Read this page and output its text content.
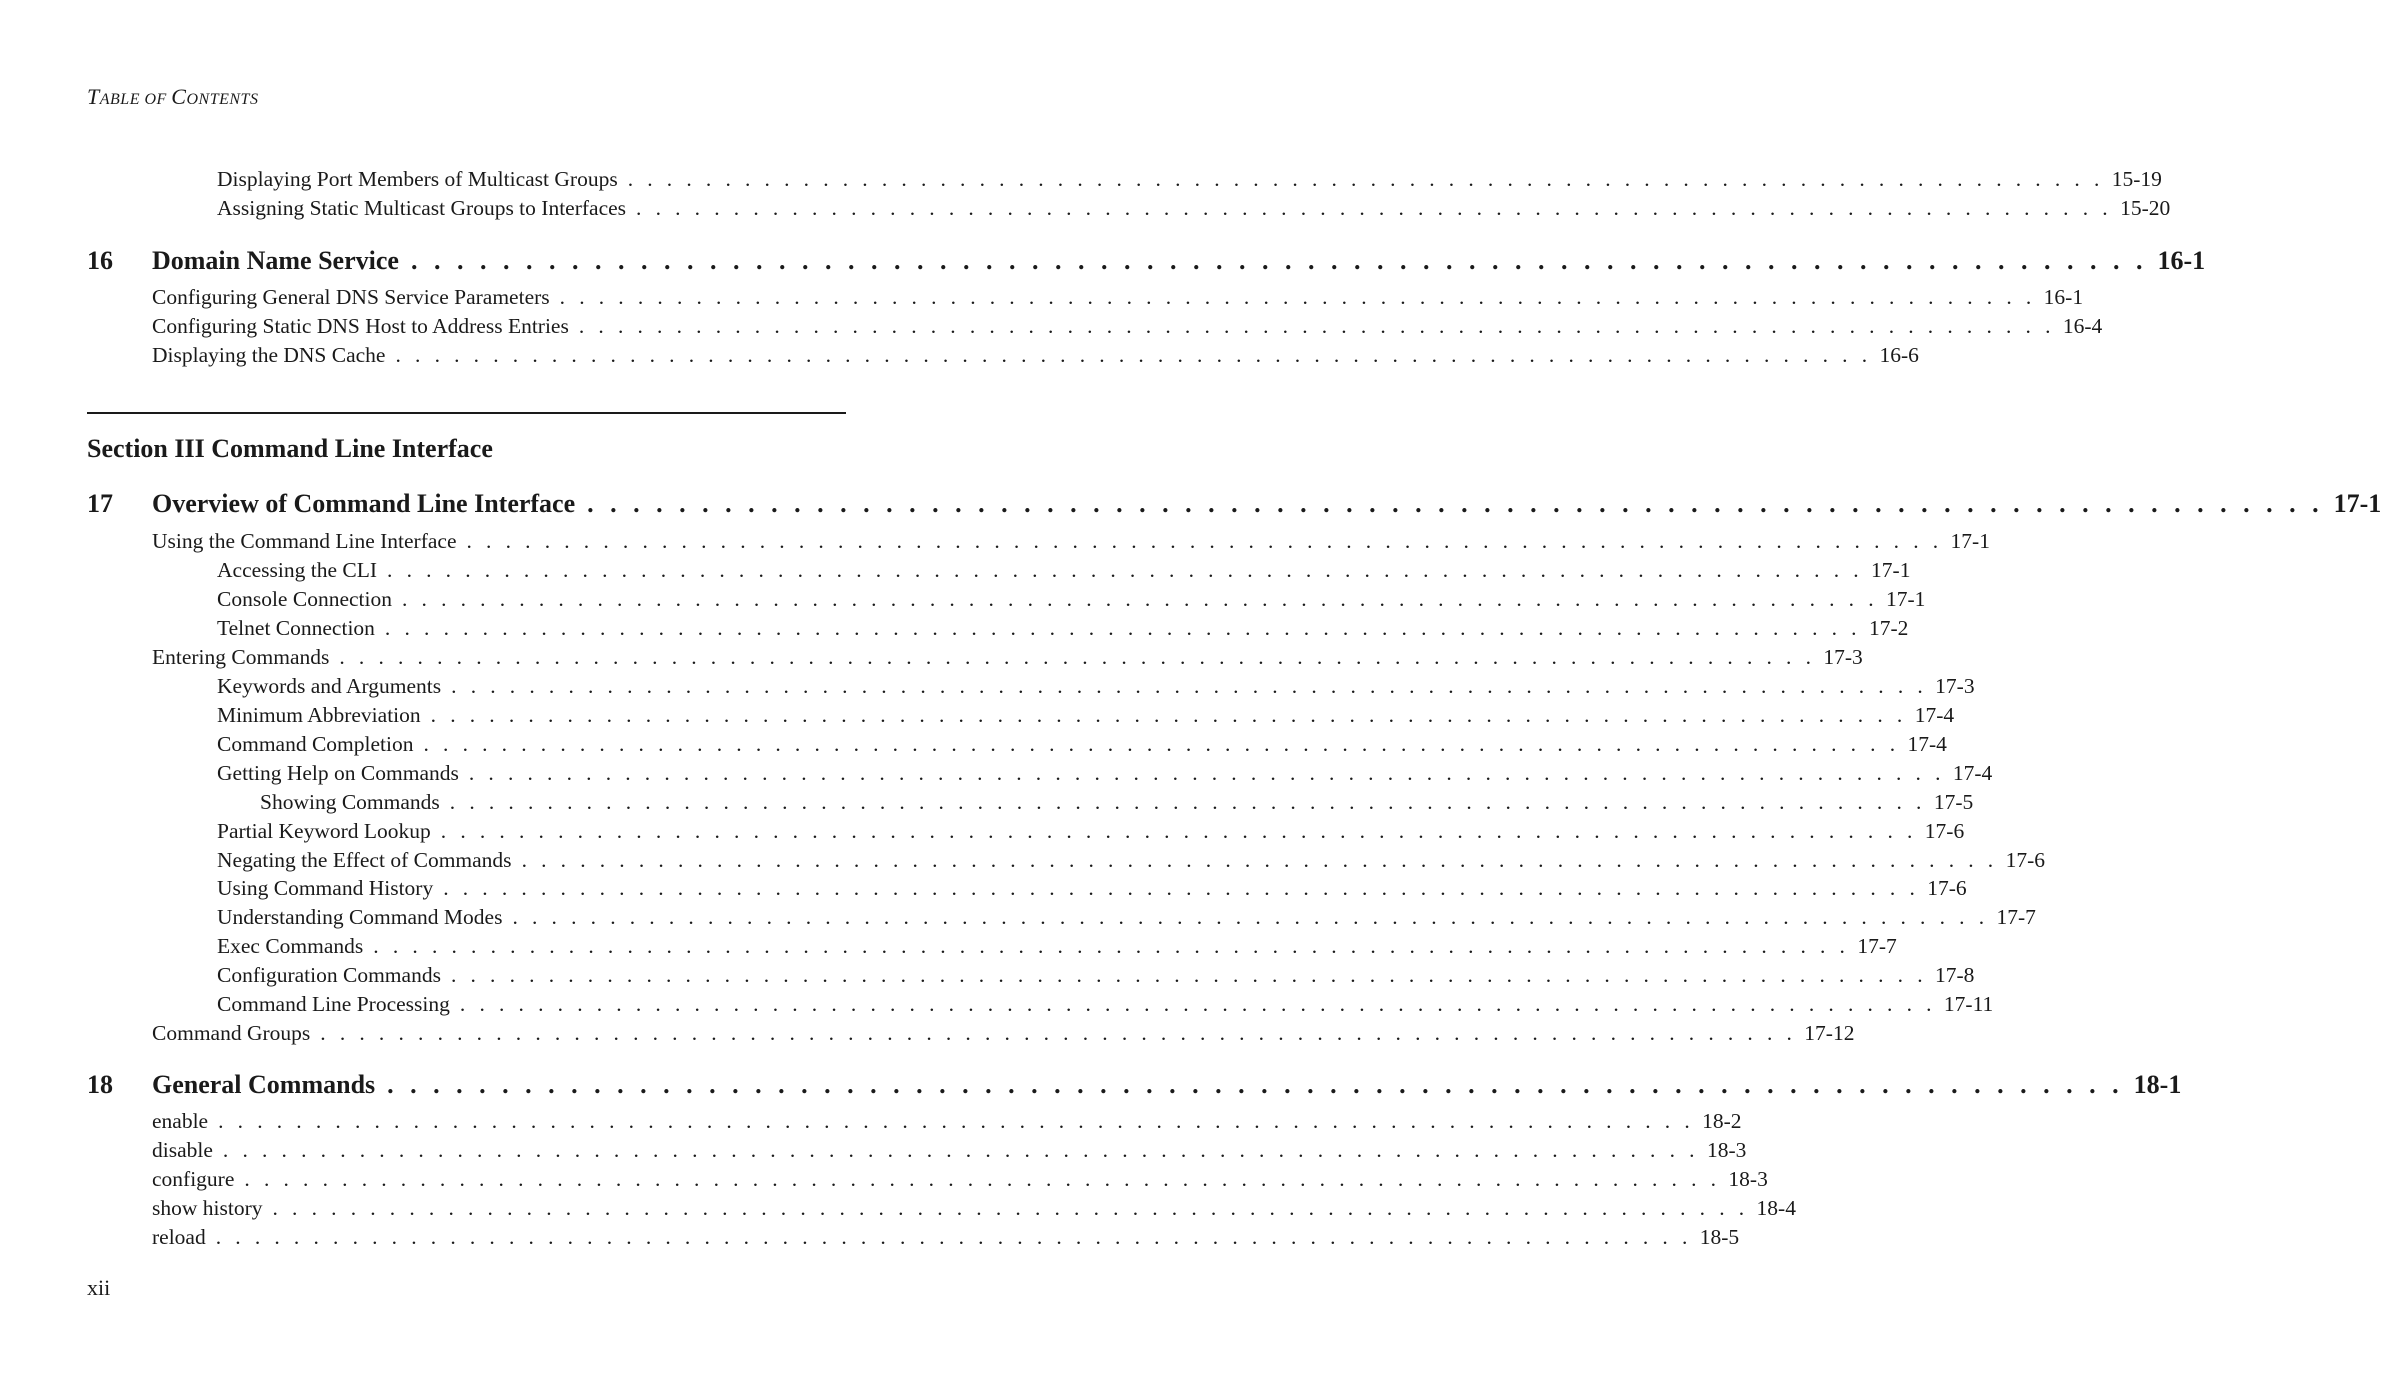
TABLE OF CONTENTS
Displaying Port Members of Multicast Groups . . . . . . . . . . . . . . . . . . . . . . . . . . . . . . . . . . . . . . . . . . . . . . . . . . . . . . . . . . . . . . . . . . . . . . . . . . . . 15-19
Assigning Static Multicast Groups to Interfaces . . . . . . . . . . . . . . . . . . . . . . . . . . . . . . . . . . . . . . . . . . . . . . . . . . . . . . . . . . . . . . . . . . . . . . . . . . . . 15-20
16	Domain Name Service . . . . . . . . . . . . . . . . . . . . . . . . . . . . . . . . . . . . . . . . . . . . . . . . . . . . . . . . . . . . . . . . . . . . . . . . . . . . 16-1
Configuring General DNS Service Parameters . . . . . . . . . . . . . . . . . . . . . . . . . . . . . . . . . . . . . . . . . . . . . . . . . . . . . . . . . . . . . . . . . . . . . . . . . . . . 16-1
Configuring Static DNS Host to Address Entries . . . . . . . . . . . . . . . . . . . . . . . . . . . . . . . . . . . . . . . . . . . . . . . . . . . . . . . . . . . . . . . . . . . . . . . . . . . . 16-4
Displaying the DNS Cache . . . . . . . . . . . . . . . . . . . . . . . . . . . . . . . . . . . . . . . . . . . . . . . . . . . . . . . . . . . . . . . . . . . . . . . . . . . . 16-6
Section III Command Line Interface
17	Overview of Command Line Interface . . . . . . . . . . . . . . . . . . . . . . . . . . . . . . . . . . . . . . . . . . . . . . . . . . . . . . . . . . . . . . . . . . . . . . . . . . . . 17-1
Using the Command Line Interface . . . . . . . . . . . . . . . . . . . . . . . . . . . . . . . . . . . . . . . . . . . . . . . . . . . . . . . . . . . . . . . . . . . . . . . . . . . . 17-1
Accessing the CLI . . . . . . . . . . . . . . . . . . . . . . . . . . . . . . . . . . . . . . . . . . . . . . . . . . . . . . . . . . . . . . . . . . . . . . . . . . . . 17-1
Console Connection . . . . . . . . . . . . . . . . . . . . . . . . . . . . . . . . . . . . . . . . . . . . . . . . . . . . . . . . . . . . . . . . . . . . . . . . . . . . 17-1
Telnet Connection . . . . . . . . . . . . . . . . . . . . . . . . . . . . . . . . . . . . . . . . . . . . . . . . . . . . . . . . . . . . . . . . . . . . . . . . . . . . 17-2
Entering Commands . . . . . . . . . . . . . . . . . . . . . . . . . . . . . . . . . . . . . . . . . . . . . . . . . . . . . . . . . . . . . . . . . . . . . . . . . . . . 17-3
Keywords and Arguments . . . . . . . . . . . . . . . . . . . . . . . . . . . . . . . . . . . . . . . . . . . . . . . . . . . . . . . . . . . . . . . . . . . . . . . . . . . . 17-3
Minimum Abbreviation . . . . . . . . . . . . . . . . . . . . . . . . . . . . . . . . . . . . . . . . . . . . . . . . . . . . . . . . . . . . . . . . . . . . . . . . . . . . 17-4
Command Completion . . . . . . . . . . . . . . . . . . . . . . . . . . . . . . . . . . . . . . . . . . . . . . . . . . . . . . . . . . . . . . . . . . . . . . . . . . . . 17-4
Getting Help on Commands . . . . . . . . . . . . . . . . . . . . . . . . . . . . . . . . . . . . . . . . . . . . . . . . . . . . . . . . . . . . . . . . . . . . . . . . . . . . 17-4
Showing Commands . . . . . . . . . . . . . . . . . . . . . . . . . . . . . . . . . . . . . . . . . . . . . . . . . . . . . . . . . . . . . . . . . . . . . . . . . . . . 17-5
Partial Keyword Lookup . . . . . . . . . . . . . . . . . . . . . . . . . . . . . . . . . . . . . . . . . . . . . . . . . . . . . . . . . . . . . . . . . . . . . . . . . . . . 17-6
Negating the Effect of Commands . . . . . . . . . . . . . . . . . . . . . . . . . . . . . . . . . . . . . . . . . . . . . . . . . . . . . . . . . . . . . . . . . . . . . . . . . . . . 17-6
Using Command History . . . . . . . . . . . . . . . . . . . . . . . . . . . . . . . . . . . . . . . . . . . . . . . . . . . . . . . . . . . . . . . . . . . . . . . . . . . . 17-6
Understanding Command Modes . . . . . . . . . . . . . . . . . . . . . . . . . . . . . . . . . . . . . . . . . . . . . . . . . . . . . . . . . . . . . . . . . . . . . . . . . . . . 17-7
Exec Commands . . . . . . . . . . . . . . . . . . . . . . . . . . . . . . . . . . . . . . . . . . . . . . . . . . . . . . . . . . . . . . . . . . . . . . . . . . . . 17-7
Configuration Commands . . . . . . . . . . . . . . . . . . . . . . . . . . . . . . . . . . . . . . . . . . . . . . . . . . . . . . . . . . . . . . . . . . . . . . . . . . . . 17-8
Command Line Processing . . . . . . . . . . . . . . . . . . . . . . . . . . . . . . . . . . . . . . . . . . . . . . . . . . . . . . . . . . . . . . . . . . . . . . . . . . . . 17-11
Command Groups . . . . . . . . . . . . . . . . . . . . . . . . . . . . . . . . . . . . . . . . . . . . . . . . . . . . . . . . . . . . . . . . . . . . . . . . . . . . 17-12
18	General Commands . . . . . . . . . . . . . . . . . . . . . . . . . . . . . . . . . . . . . . . . . . . . . . . . . . . . . . . . . . . . . . . . . . . . . . . . . . . . 18-1
enable . . . . . . . . . . . . . . . . . . . . . . . . . . . . . . . . . . . . . . . . . . . . . . . . . . . . . . . . . . . . . . . . . . . . . . . . . . . . 18-2
disable . . . . . . . . . . . . . . . . . . . . . . . . . . . . . . . . . . . . . . . . . . . . . . . . . . . . . . . . . . . . . . . . . . . . . . . . . . . . 18-3
configure . . . . . . . . . . . . . . . . . . . . . . . . . . . . . . . . . . . . . . . . . . . . . . . . . . . . . . . . . . . . . . . . . . . . . . . . . . . . 18-3
show history . . . . . . . . . . . . . . . . . . . . . . . . . . . . . . . . . . . . . . . . . . . . . . . . . . . . . . . . . . . . . . . . . . . . . . . . . . . . 18-4
reload . . . . . . . . . . . . . . . . . . . . . . . . . . . . . . . . . . . . . . . . . . . . . . . . . . . . . . . . . . . . . . . . . . . . . . . . . . . . 18-5
xii
